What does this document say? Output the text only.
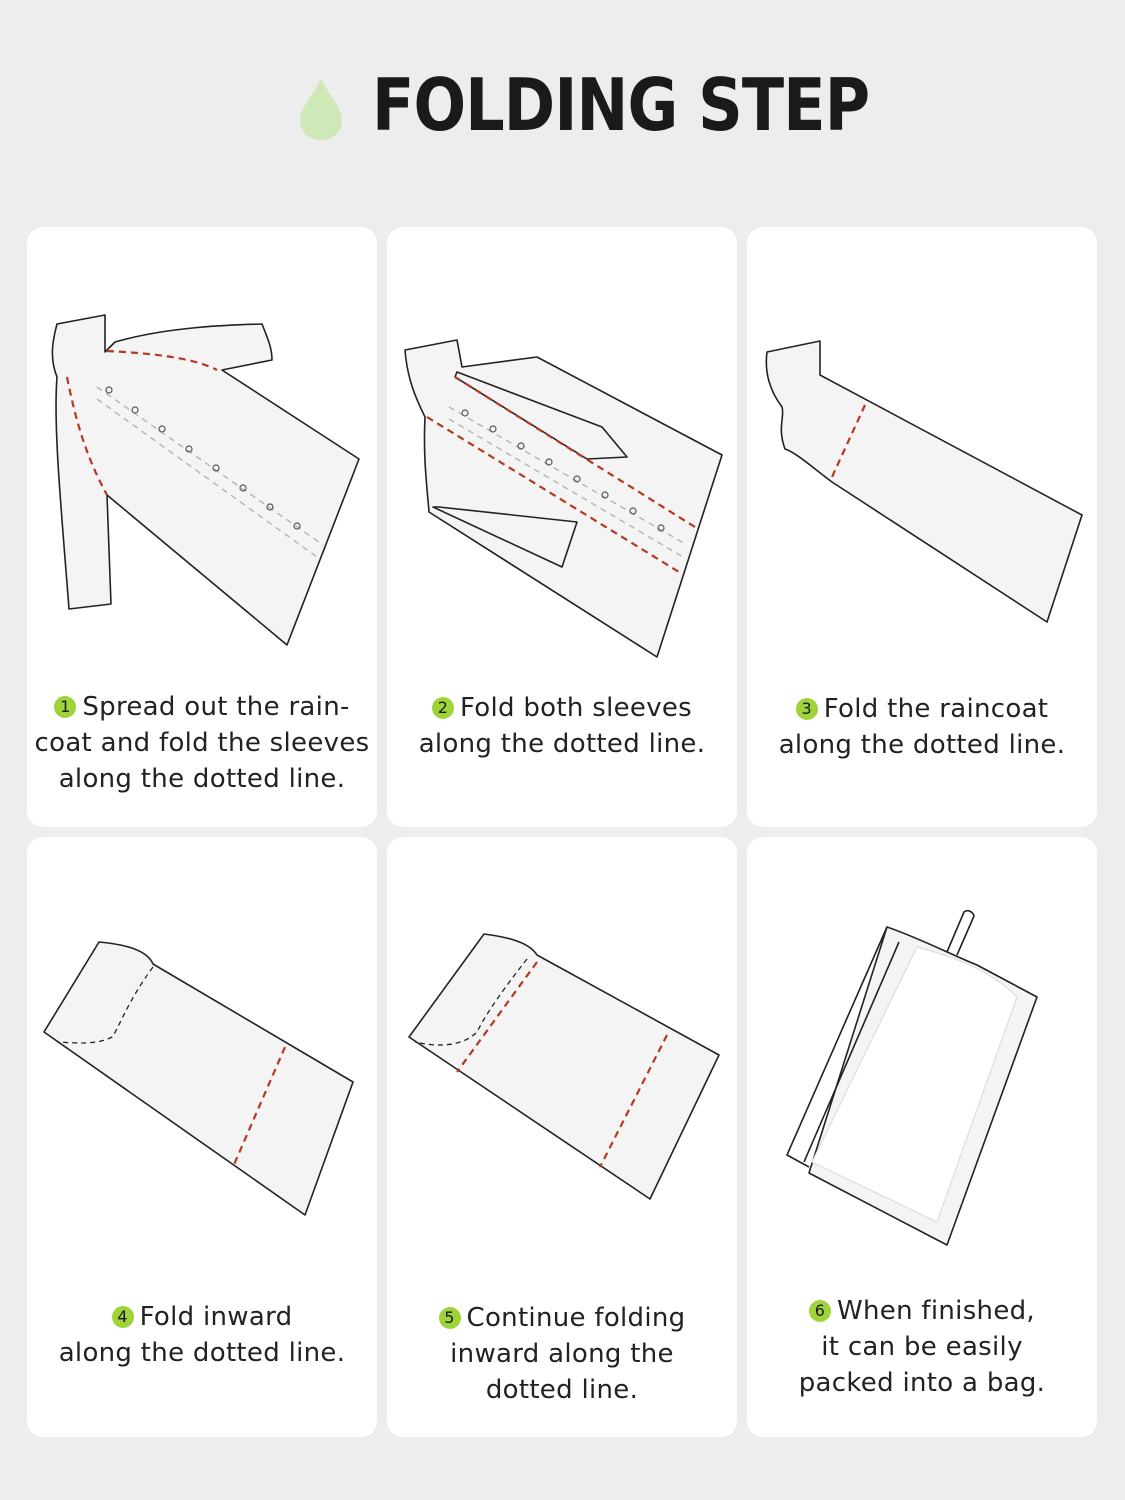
FOLDING STEP
1 Spread out the rain-
coat and fold the sleeves
along the dotted line.
2 Fold both sleeves
along the dotted line.
3 Fold the raincoat
along the dotted line.
4 Fold inward
along the dotted line.
5 Continue folding
inward along the
dotted line.
6 When finished,
it can be easily
packed into a bag.
